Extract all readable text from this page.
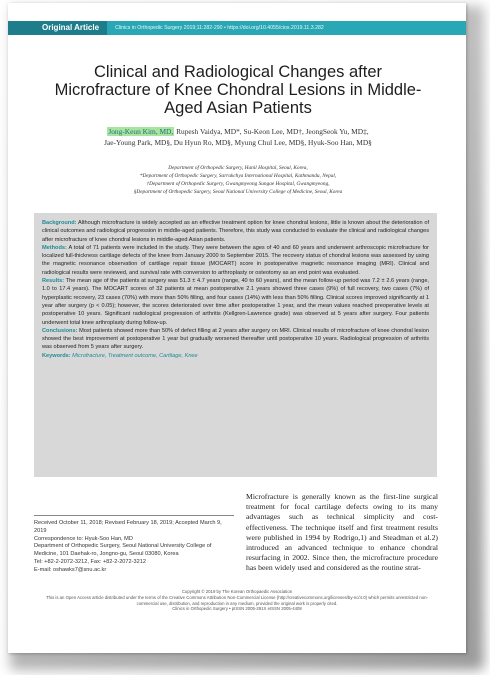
Original Article	Clinics in Orthopedic Surgery 2019;11:282-290 • https://doi.org/10.4055/cios.2019.11.3.282
Clinical and Radiological Changes after Microfracture of Knee Chondral Lesions in Middle-Aged Asian Patients
Jong-Keun Kim, MD, Rupesh Vaidya, MD*, Su-Keon Lee, MD†, JeongSeok Yu, MD‡,
Jae-Young Park, MD§, Du Hyun Ro, MD§, Myung Chul Lee, MD§, Hyuk-Soo Han, MD§
Department of Orthopedic Surgery, Hanil Hospital, Seoul, Korea,
*Department of Orthopedic Surgery, Sarrakchya International Hospital, Kathmandu, Nepal,
†Department of Orthopedic Surgery, Gwangmyeong Sungae Hospital, Gwangmyeong,
§Department of Orthopedic Surgery, Seoul National University College of Medicine, Seoul, Korea

Background: Although microfracture is widely accepted as an effective treatment option for knee chondral lesions, little is known about the deterioration of clinical outcomes and radiological progression in middle-aged patients. Therefore, this study was conducted to evaluate the clinical and radiological changes after microfracture of knee chondral lesions in middle-aged Asian patients.

Methods: A total of 71 patients were included in the study. They were between the ages of 40 and 60 years and underwent arthroscopic microfracture for localized full-thickness cartilage defects of the knee from January 2000 to September 2015. The recovery status of chondral lesions was assessed by using the magnetic resonance observation of cartilage repair tissue (MOCART) score in postoperative magnetic resonance imaging (MRI). Clinical and radiological results were reviewed, and survival rate with conversion to arthroplasty or osteotomy as an end point was evaluated.

Results: The mean age of the patients at surgery was 51.3 ± 4.7 years (range, 40 to 60 years), and the mean follow-up period was 7.2 ± 2.6 years (range, 1.0 to 17.4 years). The MOCART scores of 32 patients at mean postoperative 2.1 years showed three cases (9%) of full recovery, two cases (7%) of hyperplastic recovery, 23 cases (70%) with more than 50% filling, and four cases (14%) with less than 50% filling. Clinical scores improved significantly at 1 year after surgery (p < 0.05); however, the scores deteriorated over time after postoperative 1 year, and the mean values reached preoperative levels at postoperative 10 years. Significant radiological progression of arthritis (Kellgren-Lawrence grade) was observed at 5 years after surgery. Four patients underwent total knee arthroplasty during follow-up.

Conclusions: Most patients showed more than 50% of defect filling at 2 years after surgery on MRI. Clinical results of microfracture of knee chondral lesion showed the best improvement at postoperative 1 year but gradually worsened thereafter until postoperative 10 years. Radiological progression of arthritis was observed from 5 years after surgery.

Keywords: Microfracture, Treatment outcome, Cartilage, Knee

Received October 11, 2018; Revised February 18, 2019; Accepted March 9, 2019
Correspondence to: Hyuk-Soo Han, MD
Department of Orthopedic Surgery, Seoul National University College of Medicine, 101 Daehak-ro, Jongno-gu, Seoul 03080, Korea
Tel: +82-2-2072-3212, Fax: +82-2-2072-3212
E-mail: oshawks7@snu.ac.kr
Microfracture is generally known as the first-line surgical treatment for focal cartilage defects owing to its many advantages such as technical simplicity and cost-effectiveness. The technique itself and first treatment results were published in 1994 by Rodrigo,1) and Steadman et al.2) introduced an advanced technique to enhance chondral resurfacing in 2002. Since then, the microfracture procedure has been widely used and considered as the routine strat-
Copyright © 2019 by The Korean Orthopaedic Association
This is an Open Access article distributed under the terms of the Creative Commons Attribution Non-Commercial License (http://creativecommons.org/licenses/by-nc/4.0) which permits unrestricted non-commercial use, distribution, and reproduction in any medium, provided the original work is properly cited.
Clinics in Orthopedic Surgery • pISSN 2005-291X eISSN 2005-4408
